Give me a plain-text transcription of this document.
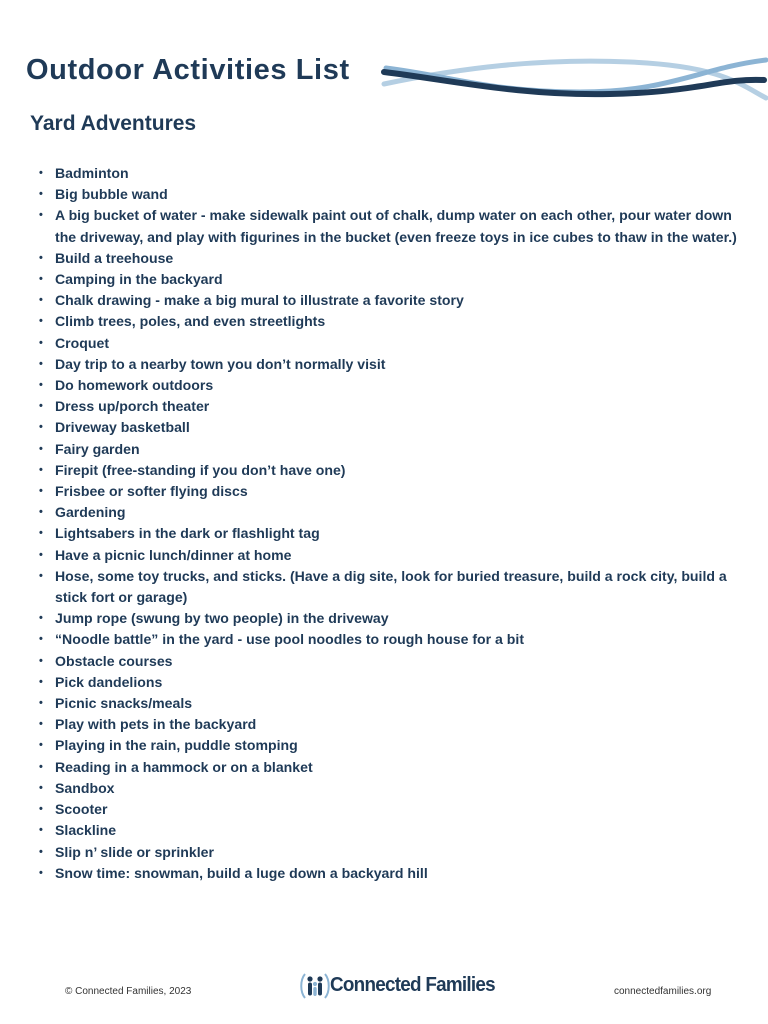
Outdoor Activities List
Yard Adventures
• Badminton
• Big bubble wand
• A big bucket of water - make sidewalk paint out of chalk, dump water on each other, pour water down the driveway, and play with figurines in the bucket (even freeze toys in ice cubes to thaw in the water.)
• Build a treehouse
• Camping in the backyard
• Chalk drawing - make a big mural to illustrate a favorite story
• Climb trees, poles, and even streetlights
• Croquet
• Day trip to a nearby town you don’t normally visit
• Do homework outdoors
• Dress up/porch theater
• Driveway basketball
• Fairy garden
• Firepit (free-standing if you don’t have one)
• Frisbee or softer flying discs
• Gardening
• Lightsabers in the dark or flashlight tag
• Have a picnic lunch/dinner at home
• Hose, some toy trucks, and sticks. (Have a dig site, look for buried treasure, build a rock city, build a stick fort or garage)
• Jump rope (swung by two people) in the driveway
• “Noodle battle” in the yard - use pool noodles to rough house for a bit
• Obstacle courses
• Pick dandelions
• Picnic snacks/meals
• Play with pets in the backyard
• Playing in the rain, puddle stomping
• Reading in a hammock or on a blanket
• Sandbox
• Scooter
• Slackline
• Slip n’ slide or sprinkler
• Snow time: snowman, build a luge down a backyard hill
© Connected Families, 2023	Connected Families	connectedfamilies.org
